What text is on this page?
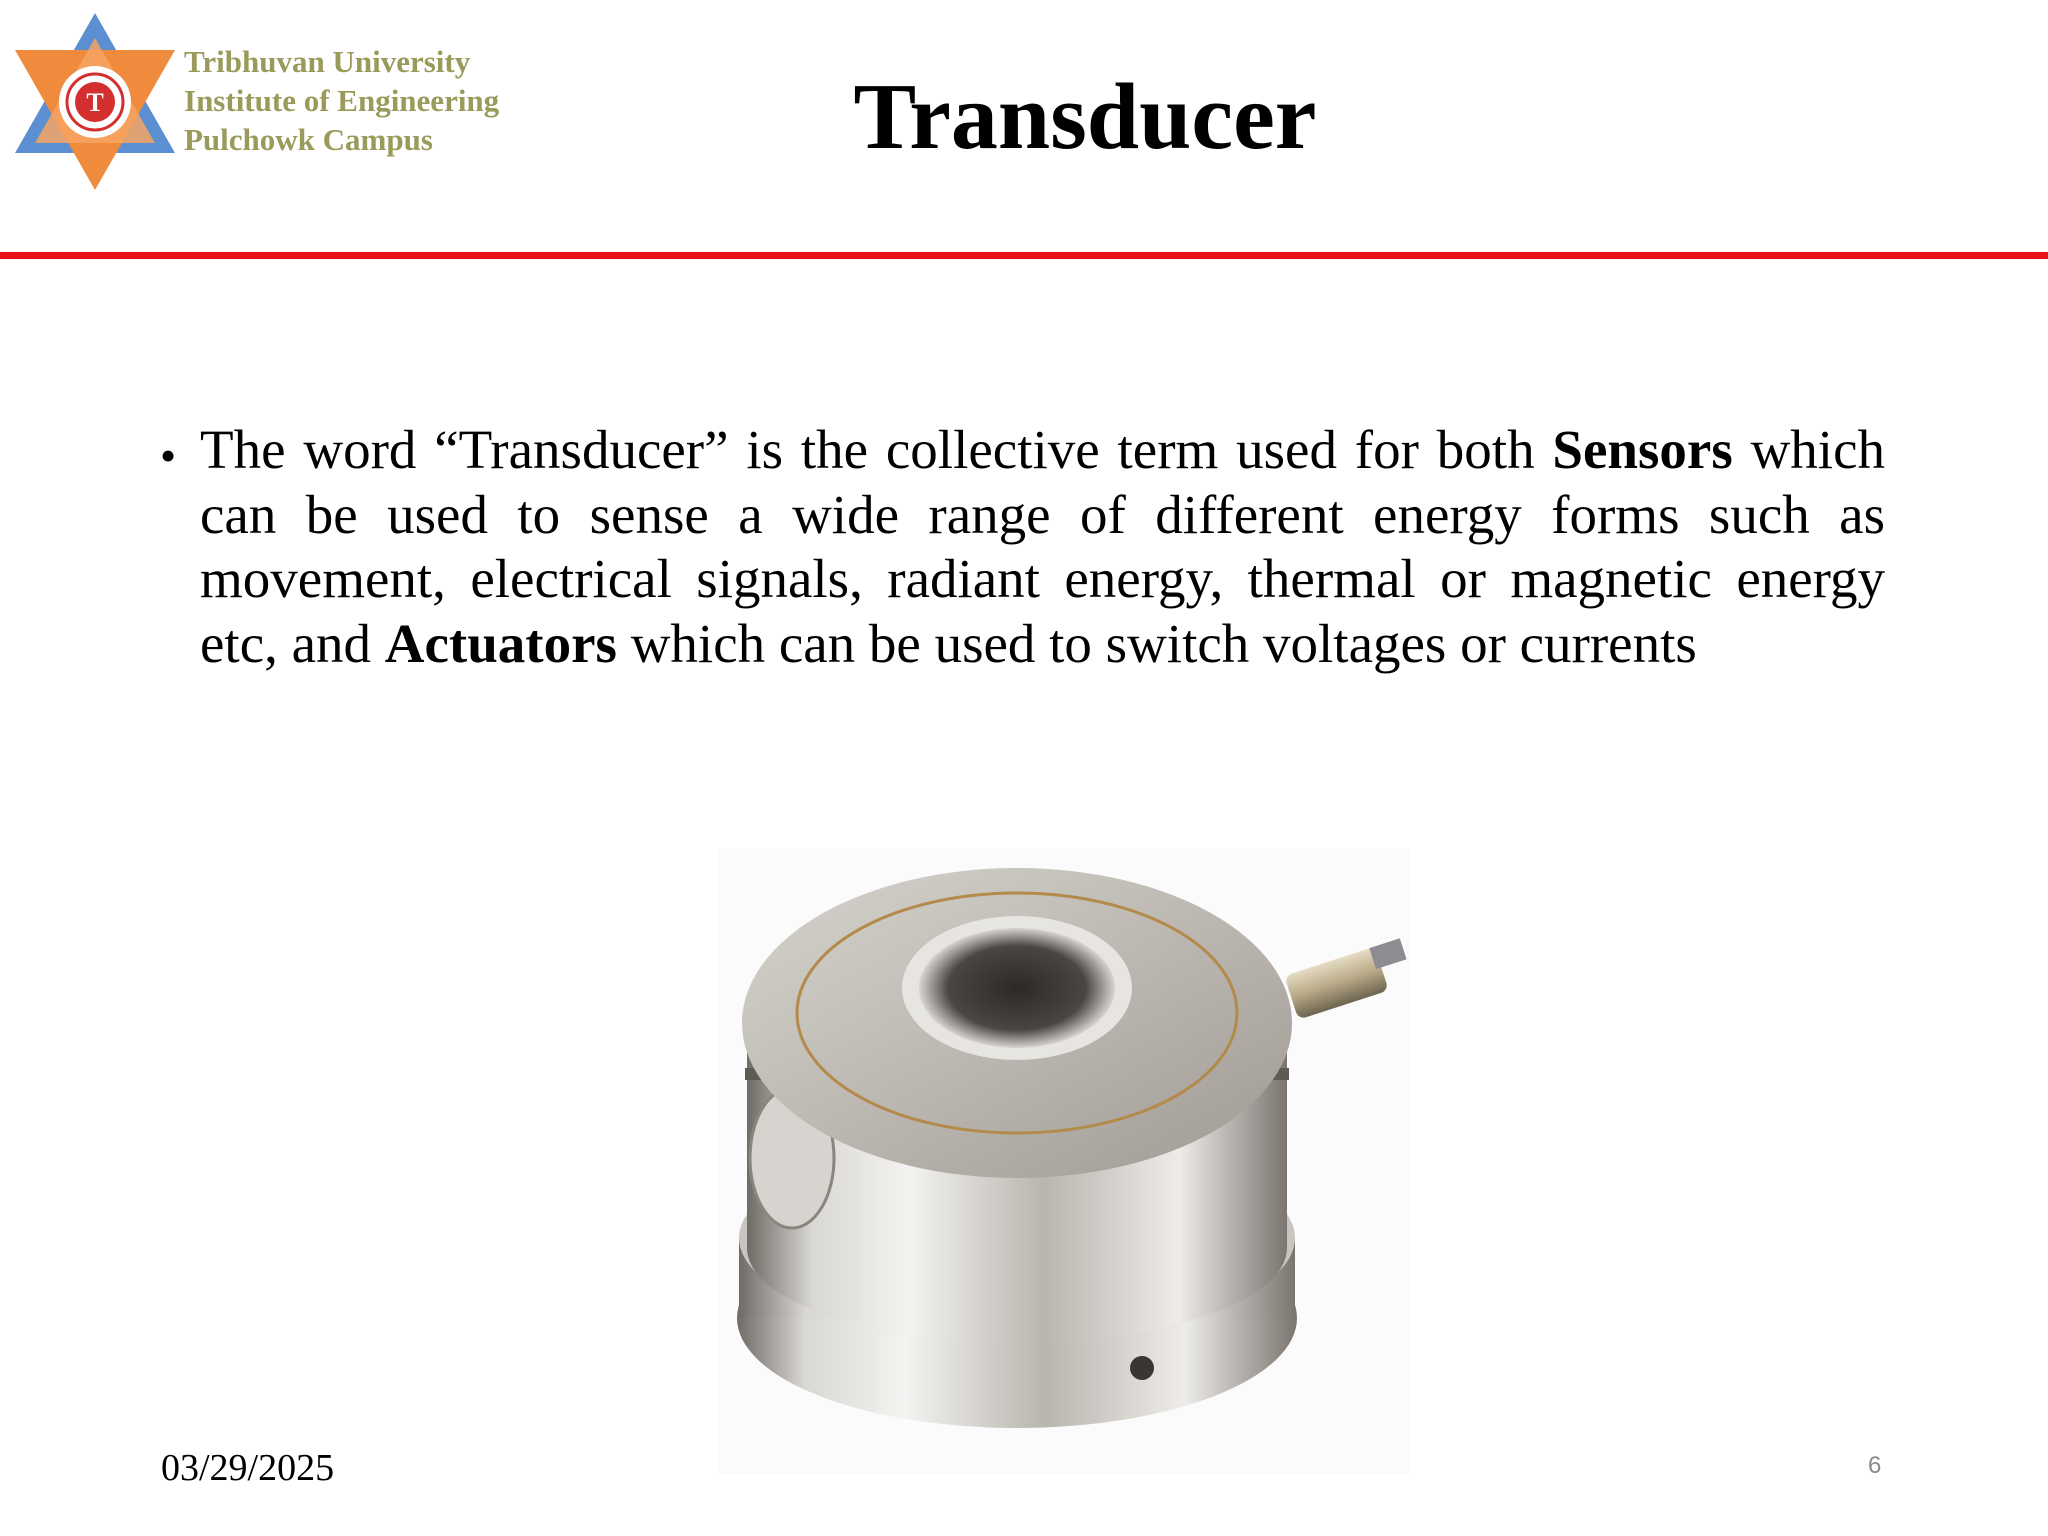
T
Tribhuvan University
Institute of Engineering
Pulchowk Campus	Transducer
• The word “Transducer” is the collective term used for both Sensors which can be used to sense a wide range of different energy forms such as movement, electrical signals, radiant energy, thermal or magnetic energy etc, and Actuators which can be used to switch voltages or currents
03/29/2025	6
